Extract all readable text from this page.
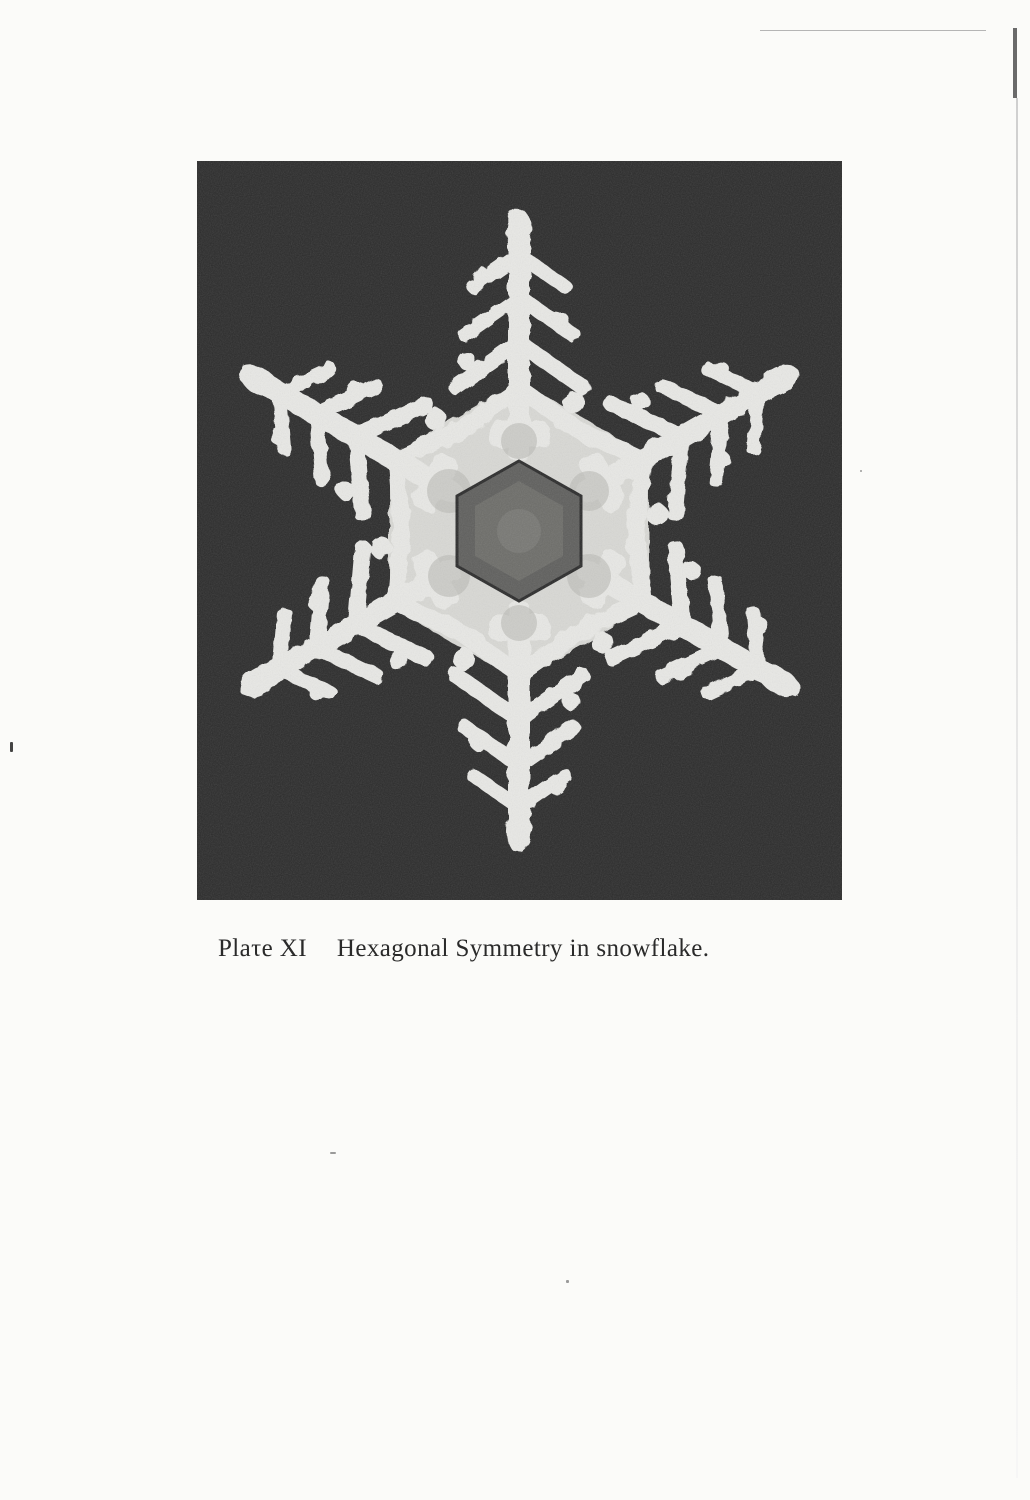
Plaτe XI Hexagonal Symmetry in snowflake.
